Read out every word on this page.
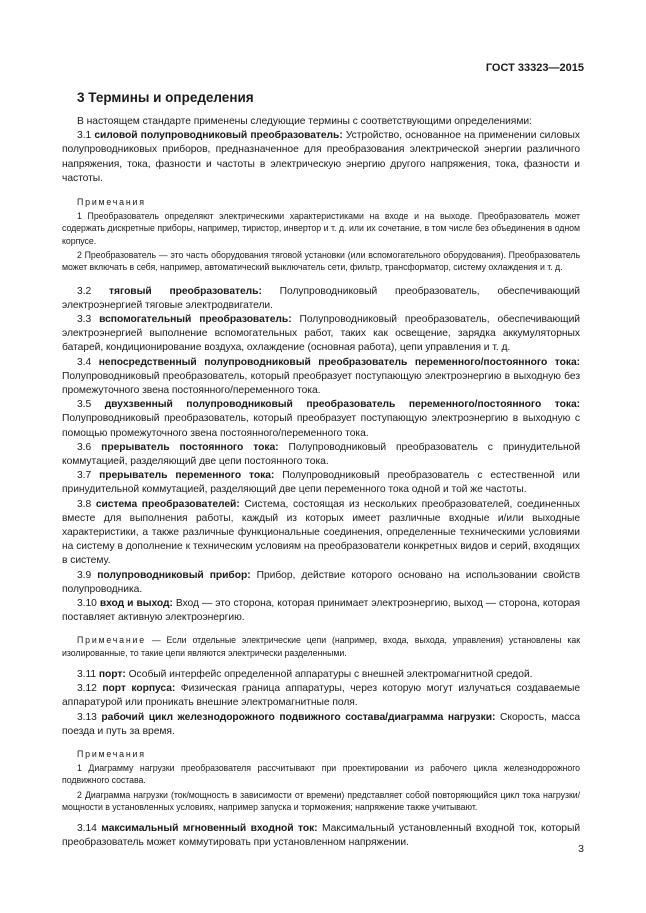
ГОСТ 33323—2015
3 Термины и определения

В настоящем стандарте применены следующие термины с соответствующими определениями:

3.1 силовой полупроводниковый преобразователь: Устройство, основанное на применении силовых полупроводниковых приборов, предназначенное для преобразования электрической энергии различного напряжения, тока, фазности и частоты в электрическую энергию другого напряжения, тока, фазности и частоты.

Примечания

1 Преобразователь определяют электрическими характеристиками на входе и на выходе. Преобразователь может содержать дискретные приборы, например, тиристор, инвертор и т. д. или их сочетание, в том числе без объединения в одном корпусе.

2 Преобразователь — это часть оборудования тяговой установки (или вспомогательного оборудования). Преобразователь может включать в себя, например, автоматический выключатель сети, фильтр, трансформатор, систему охлаждения и т. д.

3.2 тяговый преобразователь: Полупроводниковый преобразователь, обеспечивающий электроэнергией тяговые электродвигатели.

3.3 вспомогательный преобразователь: Полупроводниковый преобразователь, обеспечивающий электроэнергией выполнение вспомогательных работ, таких как освещение, зарядка аккумуляторных батарей, кондиционирование воздуха, охлаждение (основная работа), цепи управления и т. д.

3.4 непосредственный полупроводниковый преобразователь переменного/постоянного тока: Полупроводниковый преобразователь, который преобразует поступающую электроэнергию в выходную без промежуточного звена постоянного/переменного тока.

3.5 двухзвенный полупроводниковый преобразователь переменного/постоянного тока: Полупроводниковый преобразователь, который преобразует поступающую электроэнергию в выходную с помощью промежуточного звена постоянного/переменного тока.

3.6 прерыватель постоянного тока: Полупроводниковый преобразователь с принудительной коммутацией, разделяющий две цепи постоянного тока.

3.7 прерыватель переменного тока: Полупроводниковый преобразователь с естественной или принудительной коммутацией, разделяющий две цепи переменного тока одной и той же частоты.

3.8 система преобразователей: Система, состоящая из нескольких преобразователей, соединенных вместе для выполнения работы, каждый из которых имеет различные входные и/или выходные характеристики, а также различные функциональные соединения, определенные техническими условиями на систему в дополнение к техническим условиям на преобразователи конкретных видов и серий, входящих в систему.

3.9 полупроводниковый прибор: Прибор, действие которого основано на использовании свойств полупроводника.

3.10 вход и выход: Вход — это сторона, которая принимает электроэнергию, выход — сторона, которая поставляет активную электроэнергию.

Примечание — Если отдельные электрические цепи (например, входа, выхода, управления) установлены как изолированные, то такие цепи являются электрически разделенными.

3.11 порт: Особый интерфейс определенной аппаратуры с внешней электромагнитной средой.

3.12 порт корпуса: Физическая граница аппаратуры, через которую могут излучаться создаваемые аппаратурой или проникать внешние электромагнитные поля.

3.13 рабочий цикл железнодорожного подвижного состава/диаграмма нагрузки: Скорость, масса поезда и путь за время.

Примечания

1 Диаграмму нагрузки преобразователя рассчитывают при проектировании из рабочего цикла железнодорожного подвижного состава.

2 Диаграмма нагрузки (ток/мощность в зависимости от времени) представляет собой повторяющийся цикл тока нагрузки/мощности в установленных условиях, например запуска и торможения; напряжение также учитывают.

3.14 максимальный мгновенный входной ток: Максимальный установленный входной ток, который преобразователь может коммутировать при установленном напряжении.

3
